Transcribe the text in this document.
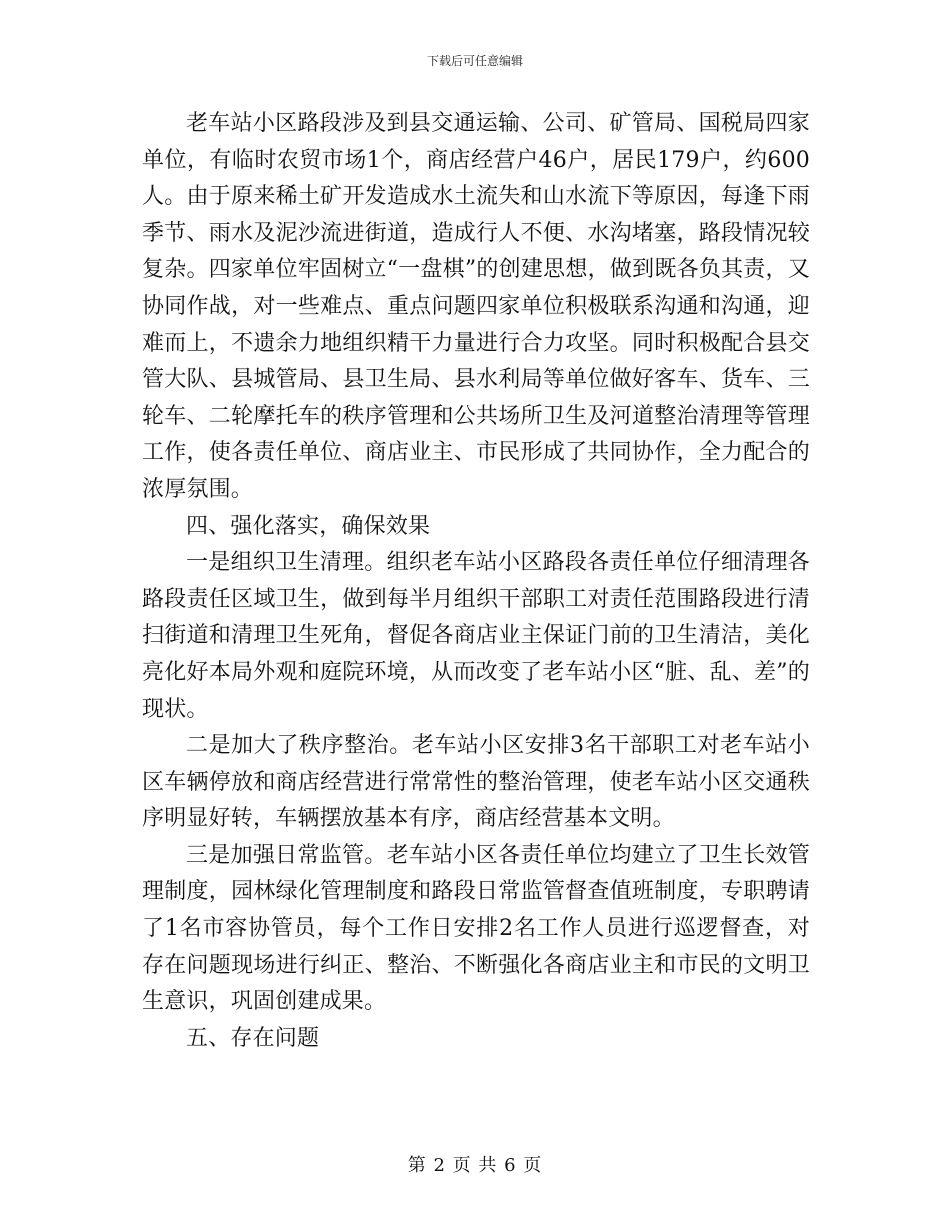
下载后可任意编辑

老车站小区路段涉及到县交通运输、公司、矿管局、国税局四家单位，有临时农贸市场1个，商店经营户46户，居民179户，约600人。由于原来稀土矿开发造成水土流失和山水流下等原因，每逢下雨季节、雨水及泥沙流进街道，造成行人不便、水沟堵塞，路段情况较复杂。四家单位牢固树立“一盘棋”的创建思想，做到既各负其责，又协同作战，对一些难点、重点问题四家单位积极联系沟通和沟通，迎难而上，不遗余力地组织精干力量进行合力攻坚。同时积极配合县交管大队、县城管局、县卫生局、县水利局等单位做好客车、货车、三轮车、二轮摩托车的秩序管理和公共场所卫生及河道整治清理等管理工作，使各责任单位、商店业主、市民形成了共同协作，全力配合的浓厚氛围。

四、强化落实，确保效果

一是组织卫生清理。组织老车站小区路段各责任单位仔细清理各路段责任区域卫生，做到每半月组织干部职工对责任范围路段进行清扫街道和清理卫生死角，督促各商店业主保证门前的卫生清洁，美化亮化好本局外观和庭院环境，从而改变了老车站小区“脏、乱、差”的现状。

二是加大了秩序整治。老车站小区安排3名干部职工对老车站小区车辆停放和商店经营进行常常性的整治管理，使老车站小区交通秩序明显好转，车辆摆放基本有序，商店经营基本文明。

三是加强日常监管。老车站小区各责任单位均建立了卫生长效管理制度，园林绿化管理制度和路段日常监管督查值班制度，专职聘请了1名市容协管员，每个工作日安排2名工作人员进行巡逻督查，对存在问题现场进行纠正、整治、不断强化各商店业主和市民的文明卫生意识，巩固创建成果。

五、存在问题

第 2 页 共 6 页
